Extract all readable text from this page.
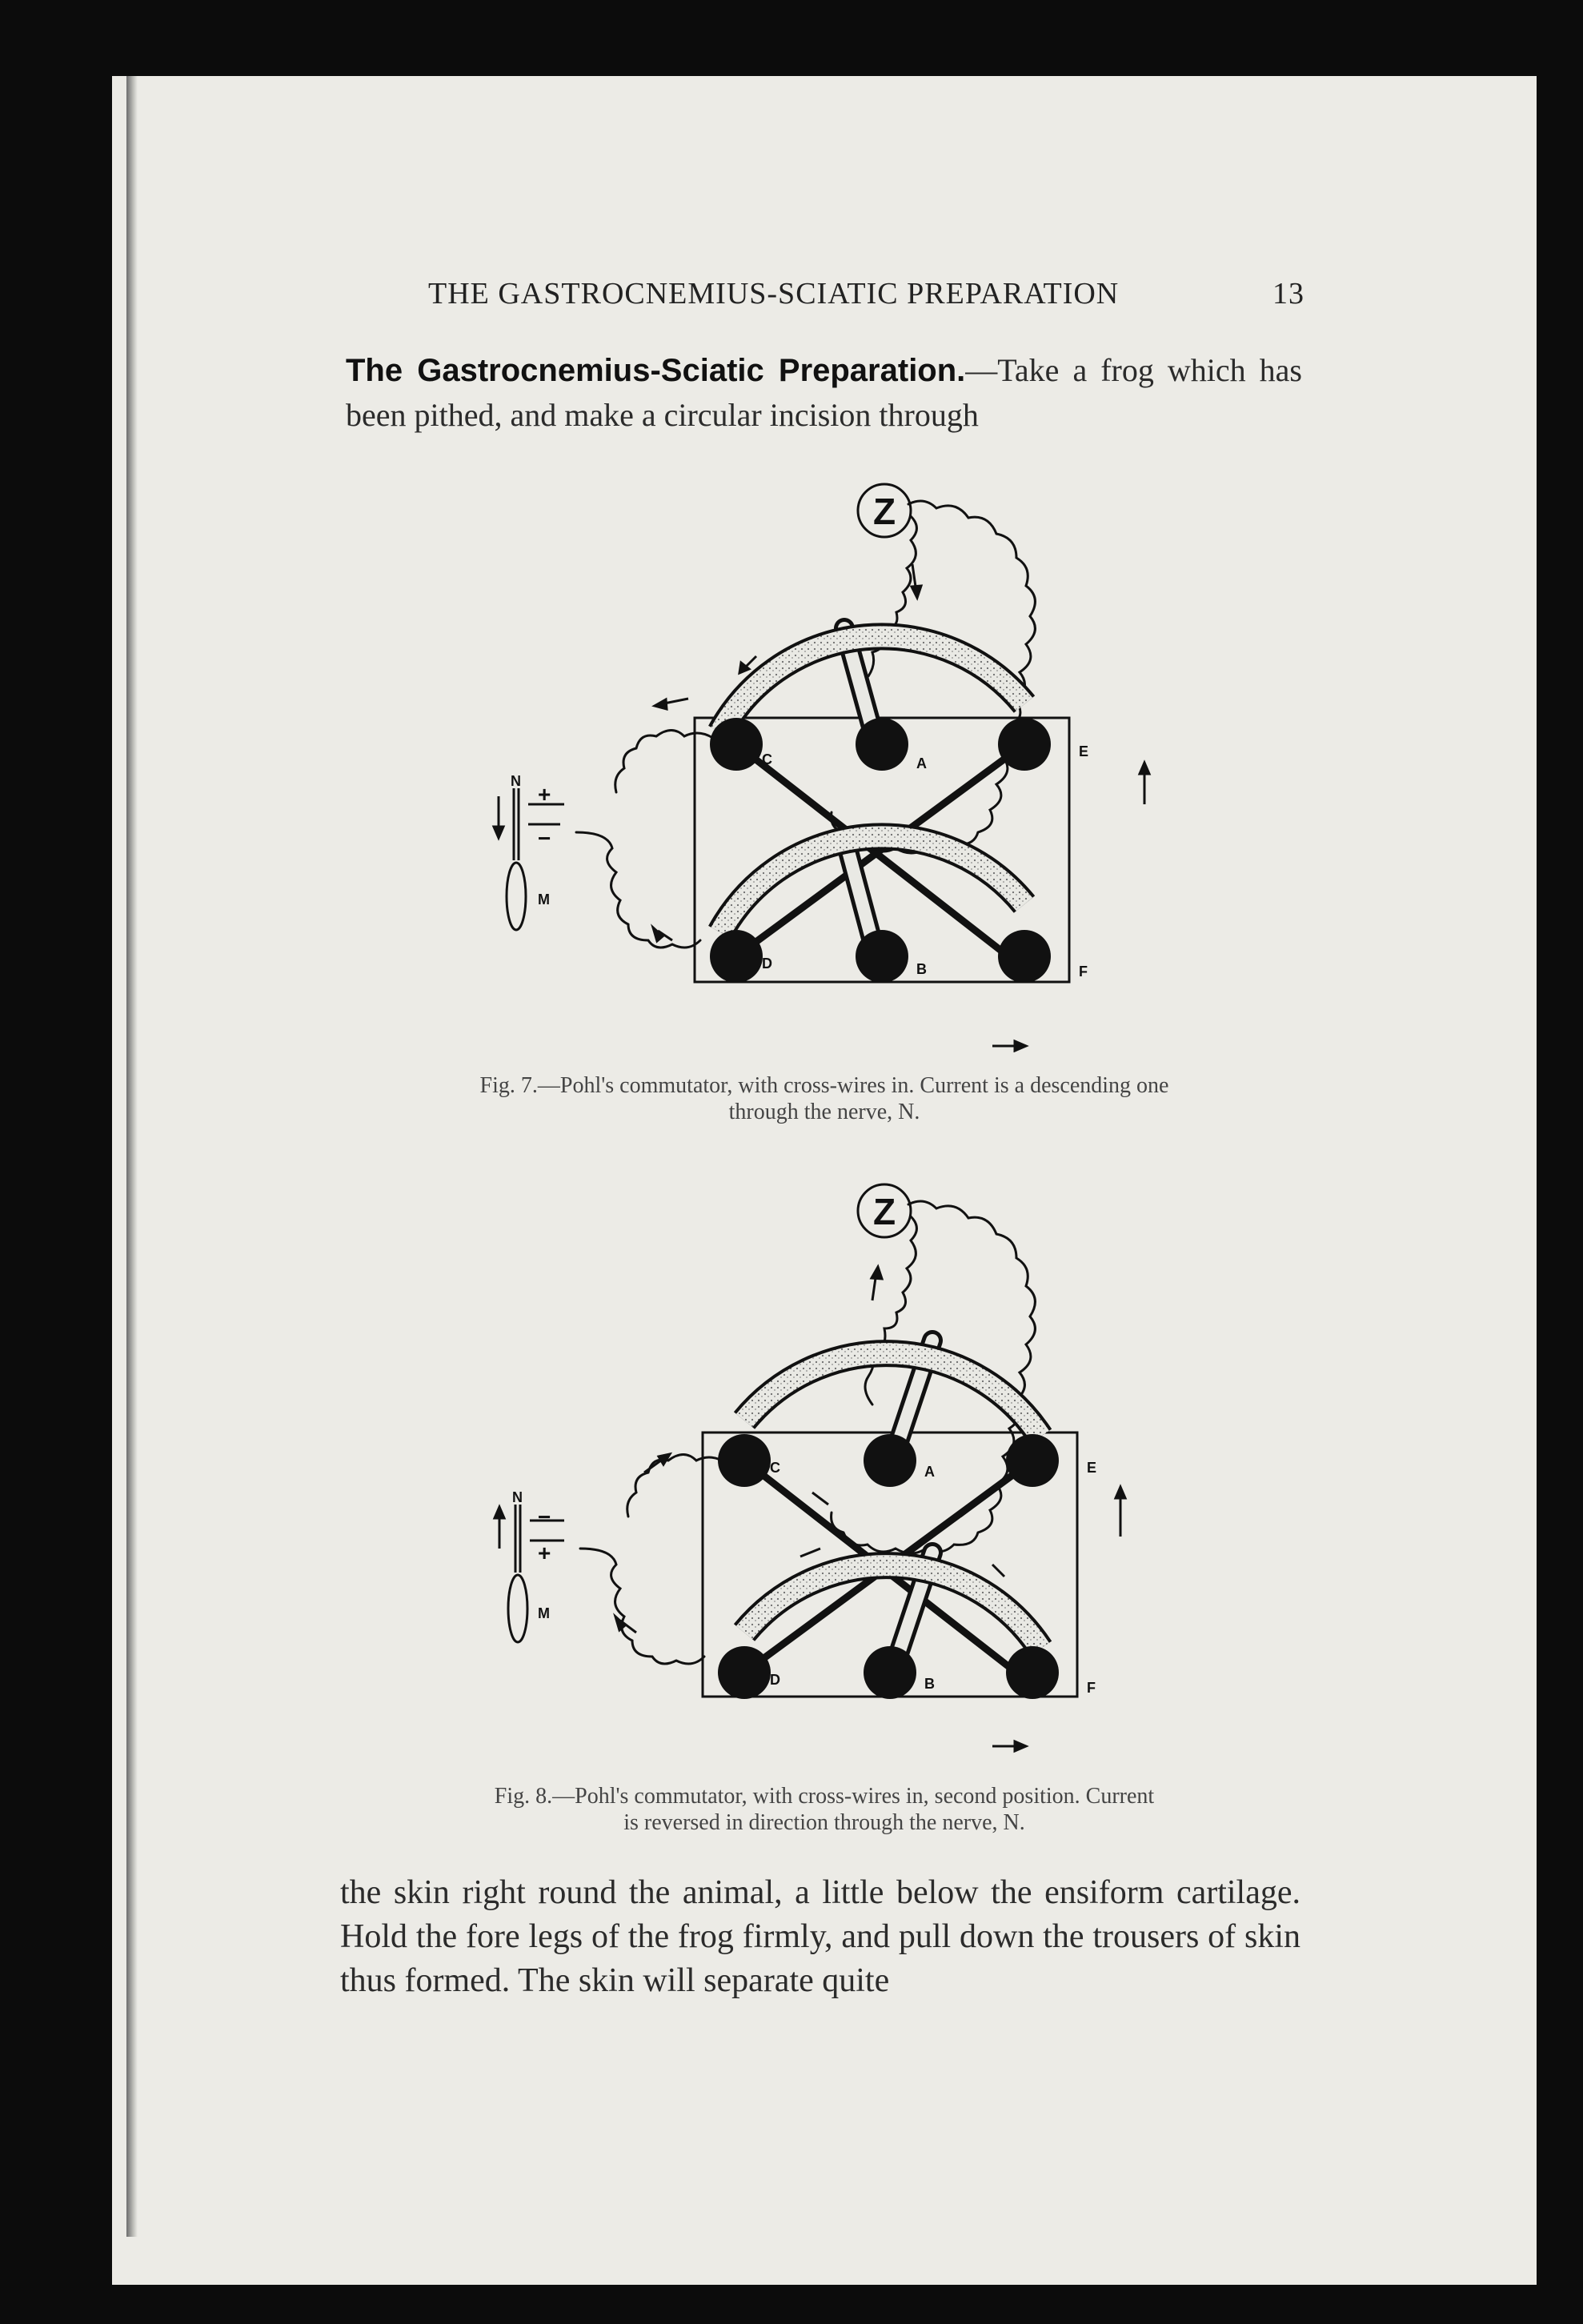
THE GASTROCNEMIUS-SCIATIC PREPARATION	13
The Gastrocnemius-Sciatic Preparation.—Take a frog which has been pithed, and make a circular incision through
Z
C	A
E
D	B	F
N
M
+
−
Fig. 7.—Pohl's commutator, with cross-wires in. Current is a descending one
through the nerve, N.
Z
C	A	E
D	B	F
N
M
−
+
Fig. 8.—Pohl's commutator, with cross-wires in, second position. Current
is reversed in direction through the nerve, N.
the skin right round the animal, a little below the ensiform cartilage. Hold the fore legs of the frog firmly, and pull down the trousers of skin thus formed. The skin will separate quite
